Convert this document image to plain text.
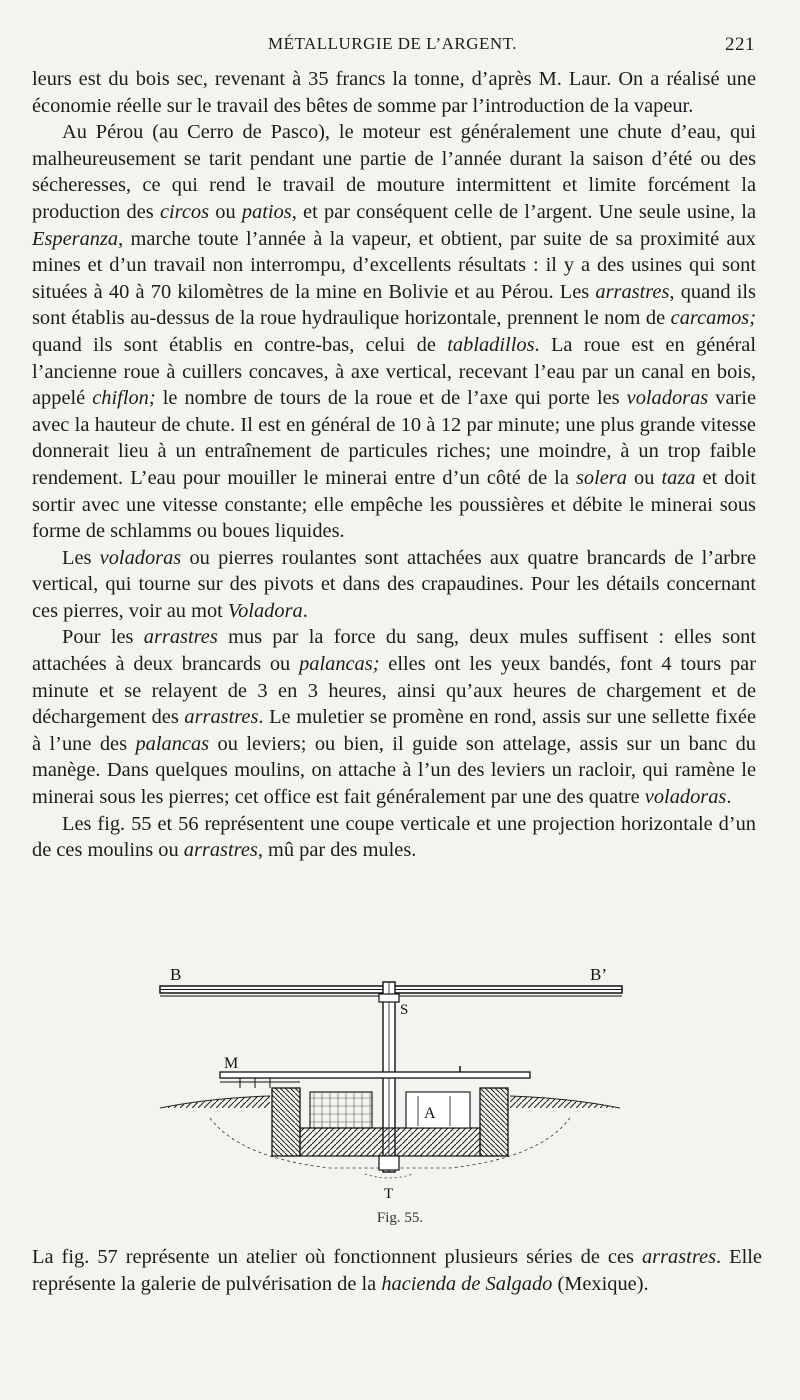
MÉTALLURGIE DE L’ARGENT.	221

leurs est du bois sec, revenant à 35 francs la tonne, d’après M. Laur. On a réalisé une économie réelle sur le travail des bêtes de somme par l’introduction de la vapeur.

Au Pérou (au Cerro de Pasco), le moteur est généralement une chute d’eau, qui malheureusement se tarit pendant une partie de l’année durant la saison d’été ou des sécheresses, ce qui rend le travail de mouture intermittent et limite forcément la production des circos ou patios, et par conséquent celle de l’argent. Une seule usine, la Esperanza, marche toute l’année à la vapeur, et obtient, par suite de sa proximité aux mines et d’un travail non interrompu, d’excellents résultats : il y a des usines qui sont situées à 40 à 70 kilomètres de la mine en Bolivie et au Pérou. Les arrastres, quand ils sont établis au-dessus de la roue hydraulique horizontale, prennent le nom de carcamos; quand ils sont établis en contre-bas, celui de tabladillos. La roue est en général l’ancienne roue à cuillers concaves, à axe vertical, recevant l’eau par un canal en bois, appelé chiflon; le nombre de tours de la roue et de l’axe qui porte les voladoras varie avec la hauteur de chute. Il est en général de 10 à 12 par minute; une plus grande vitesse donnerait lieu à un entraînement de particules riches; une moindre, à un trop faible rendement. L’eau pour mouiller le minerai entre d’un côté de la solera ou taza et doit sortir avec une vitesse constante; elle empêche les poussières et débite le minerai sous forme de schlamms ou boues liquides.

Les voladoras ou pierres roulantes sont attachées aux quatre brancards de l’arbre vertical, qui tourne sur des pivots et dans des crapaudines. Pour les détails concernant ces pierres, voir au mot Voladora.

Pour les arrastres mus par la force du sang, deux mules suffisent : elles sont attachées à deux brancards ou palancas; elles ont les yeux bandés, font 4 tours par minute et se relayent de 3 en 3 heures, ainsi qu’aux heures de chargement et de déchargement des arrastres. Le muletier se promène en rond, assis sur une sellette fixée à l’une des palancas ou leviers; ou bien, il guide son attelage, assis sur un banc du manège. Dans quelques moulins, on attache à l’un des leviers un racloir, qui ramène le minerai sous les pierres; cet office est fait généralement par une des quatre voladoras.

Les fig. 55 et 56 représentent une coupe verticale et une projection horizontale d’un de ces moulins ou arrastres, mû par des mules.

B	B’
S
M
A
T
Fig. 55.

La fig. 57 représente un atelier où fonctionnent plusieurs séries de ces arrastres. Elle représente la galerie de pulvérisation de la hacienda de Salgado (Mexique).
